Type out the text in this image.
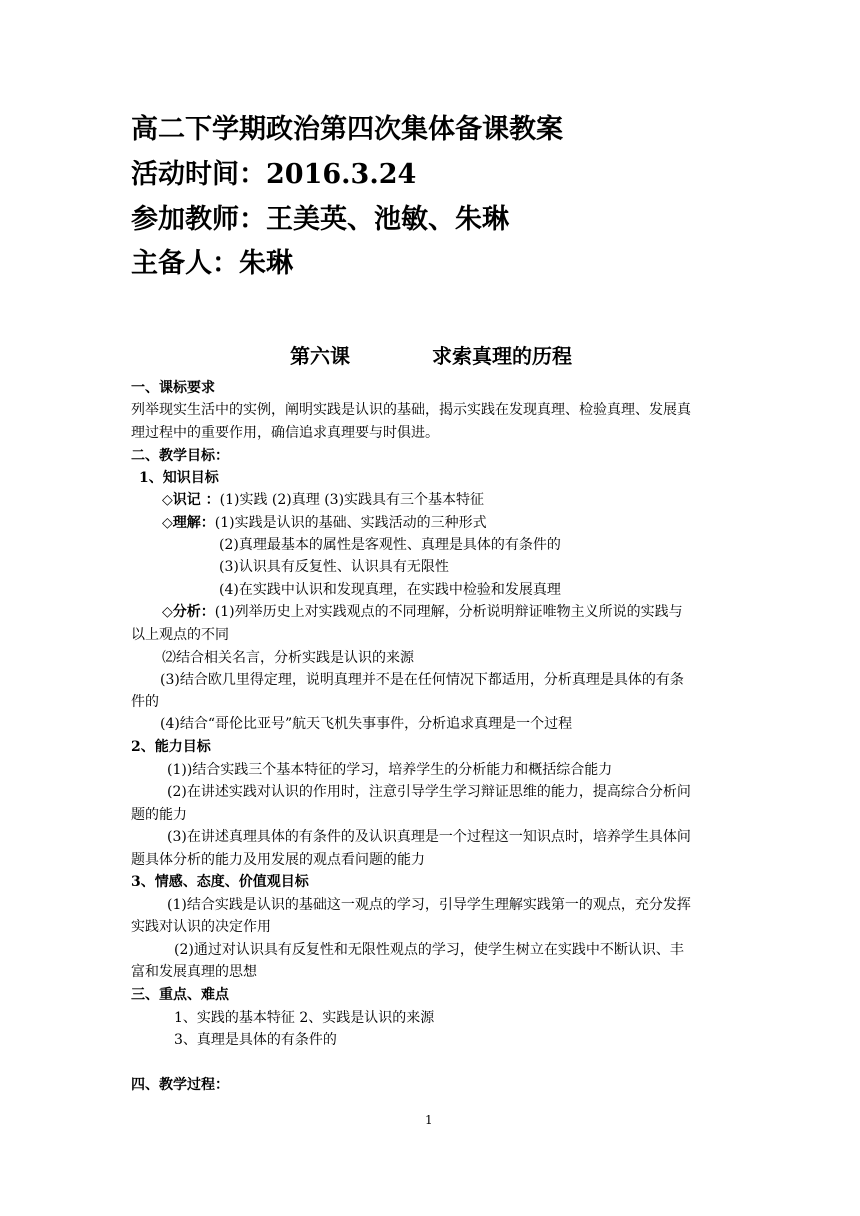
高二下学期政治第四次集体备课教案
活动时间：2016.3.24
参加教师：王美英、池敏、朱琳
主备人：朱琳
第六课	求索真理的历程
一、课标要求
列举现实生活中的实例，阐明实践是认识的基础，揭示实践在发现真理、检验真理、发展真
理过程中的重要作用，确信追求真理要与时俱进。
二、教学目标：
1、知识目标
◇识记 ：(1)实践 (2)真理 (3)实践具有三个基本特征
◇理解：(1)实践是认识的基础、实践活动的三种形式
(2)真理最基本的属性是客观性、真理是具体的有条件的
(3)认识具有反复性、认识具有无限性
(4)在实践中认识和发现真理，在实践中检验和发展真理
◇分析：(1)列举历史上对实践观点的不同理解，分析说明辩证唯物主义所说的实践与
以上观点的不同
⑵结合相关名言，分析实践是认识的来源
(3)结合欧几里得定理，说明真理并不是在任何情况下都适用，分析真理是具体的有条
件的
(4)结合“哥伦比亚号”航天飞机失事事件，分析追求真理是一个过程
2、能力目标
(1))结合实践三个基本特征的学习，培养学生的分析能力和概括综合能力
(2)在讲述实践对认识的作用时，注意引导学生学习辩证思维的能力，提高综合分析问
题的能力
(3)在讲述真理具体的有条件的及认识真理是一个过程这一知识点时，培养学生具体问
题具体分析的能力及用发展的观点看问题的能力
3、情感、态度、价值观目标
(1)结合实践是认识的基础这一观点的学习，引导学生理解实践第一的观点，充分发挥
实践对认识的决定作用
(2)通过对认识具有反复性和无限性观点的学习，使学生树立在实践中不断认识、丰
富和发展真理的思想
三、重点、难点
1、实践的基本特征 2、实践是认识的来源
3、真理是具体的有条件的
四、教学过程：
1
